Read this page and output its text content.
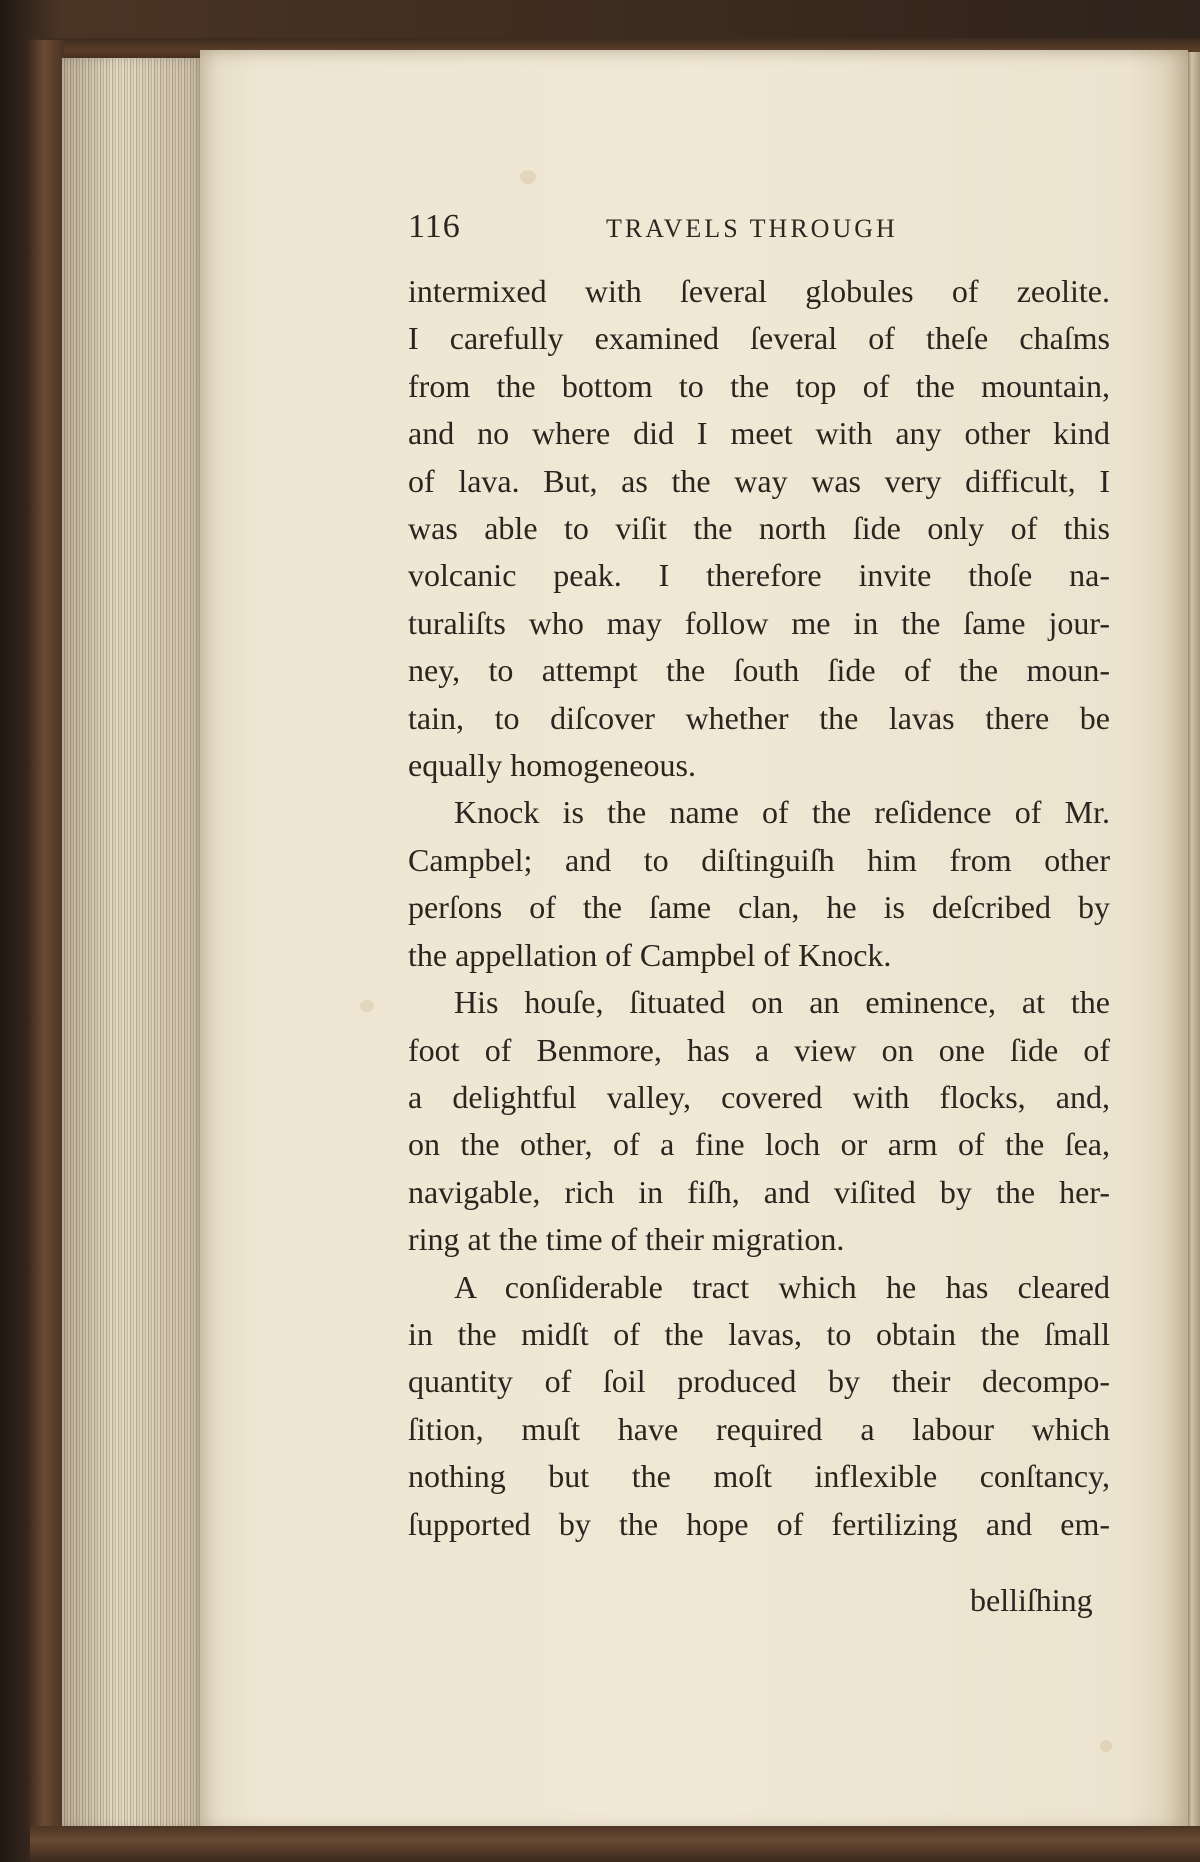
116	TRAVELS THROUGH

intermixed with ſeveral globules of zeolite.

I carefully examined ſeveral of theſe chaſms

from the bottom to the top of the mountain,

and no where did I meet with any other kind

of lava. But, as the way was very difficult, I

was able to viſit the north ſide only of this

volcanic peak. I therefore invite thoſe na-

turaliſts who may follow me in the ſame jour-

ney, to attempt the ſouth ſide of the moun-

tain, to diſcover whether the lavas there be

equally homogeneous.

Knock is the name of the reſidence of Mr.

Campbel; and to diſtinguiſh him from other

perſons of the ſame clan, he is deſcribed by

the appellation of Campbel of Knock.

His houſe, ſituated on an eminence, at the

foot of Benmore, has a view on one ſide of

a delightful valley, covered with flocks, and,

on the other, of a fine loch or arm of the ſea,

navigable, rich in fiſh, and viſited by the her-

ring at the time of their migration.

A conſiderable tract which he has cleared

in the midſt of the lavas, to obtain the ſmall

quantity of ſoil produced by their decompo-

ſition, muſt have required a labour which

nothing but the moſt inflexible conſtancy,

ſupported by the hope of fertilizing and em-

belliſhing
